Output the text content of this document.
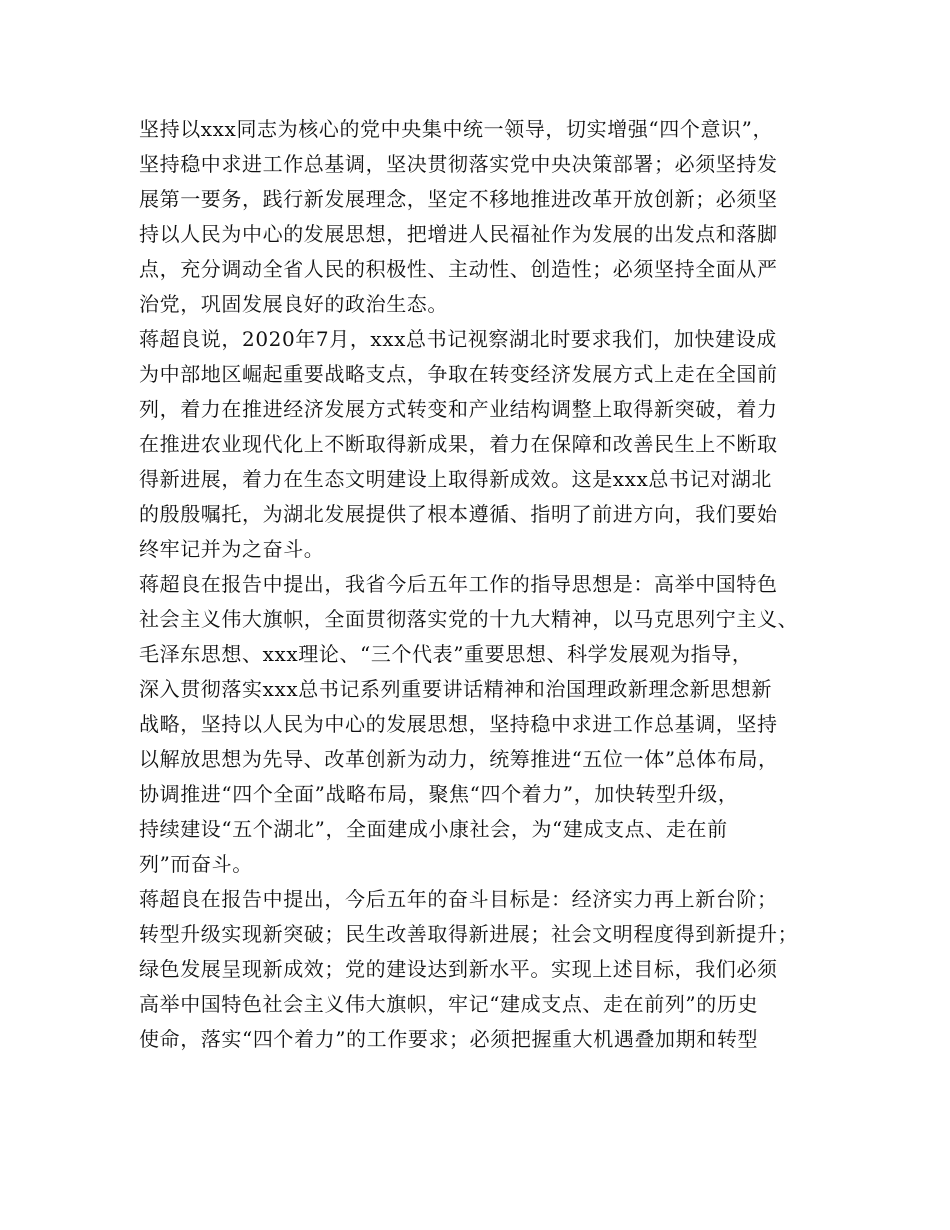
坚持以xxx同志为核心的党中央集中统一领导，切实增强“四个意识”，
坚持稳中求进工作总基调，坚决贯彻落实党中央决策部署；必须坚持发
展第一要务，践行新发展理念，坚定不移地推进改革开放创新；必须坚
持以人民为中心的发展思想，把增进人民福祉作为发展的出发点和落脚
点，充分调动全省人民的积极性、主动性、创造性；必须坚持全面从严
治党，巩固发展良好的政治生态。
蒋超良说，2020年7月，xxx总书记视察湖北时要求我们，加快建设成
为中部地区崛起重要战略支点，争取在转变经济发展方式上走在全国前
列，着力在推进经济发展方式转变和产业结构调整上取得新突破，着力
在推进农业现代化上不断取得新成果，着力在保障和改善民生上不断取
得新进展，着力在生态文明建设上取得新成效。这是xxx总书记对湖北
的殷殷嘱托，为湖北发展提供了根本遵循、指明了前进方向，我们要始
终牢记并为之奋斗。
蒋超良在报告中提出，我省今后五年工作的指导思想是：高举中国特色
社会主义伟大旗帜，全面贯彻落实党的十九大精神，以马克思列宁主义、
毛泽东思想、xxx理论、“三个代表”重要思想、科学发展观为指导，
深入贯彻落实xxx总书记系列重要讲话精神和治国理政新理念新思想新
战略，坚持以人民为中心的发展思想，坚持稳中求进工作总基调，坚持
以解放思想为先导、改革创新为动力，统筹推进“五位一体”总体布局，
协调推进“四个全面”战略布局，聚焦“四个着力”，加快转型升级，
持续建设“五个湖北”，全面建成小康社会，为“建成支点、走在前
列”而奋斗。
蒋超良在报告中提出，今后五年的奋斗目标是：经济实力再上新台阶；
转型升级实现新突破；民生改善取得新进展；社会文明程度得到新提升；
绿色发展呈现新成效；党的建设达到新水平。实现上述目标，我们必须
高举中国特色社会主义伟大旗帜，牢记“建成支点、走在前列”的历史
使命，落实“四个着力”的工作要求；必须把握重大机遇叠加期和转型
